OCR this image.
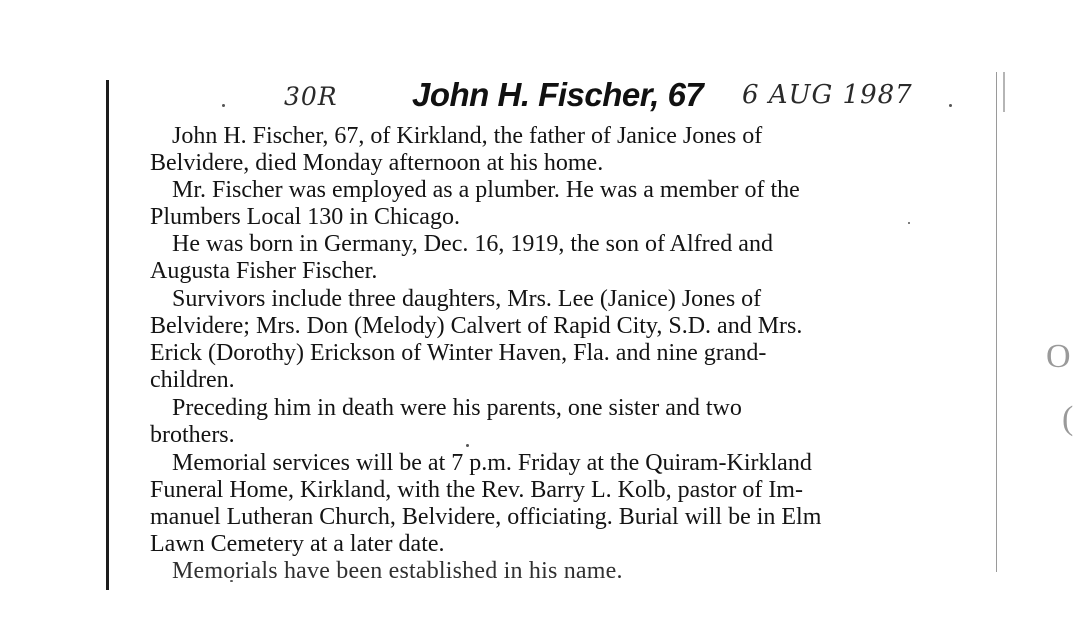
30R John H. Fischer, 67 6 AUG 1987
John H. Fischer, 67, of Kirkland, the father of Janice Jones of
Belvidere, died Monday afternoon at his home.
Mr. Fischer was employed as a plumber. He was a member of the
Plumbers Local 130 in Chicago.
He was born in Germany, Dec. 16, 1919, the son of Alfred and
Augusta Fisher Fischer.
Survivors include three daughters, Mrs. Lee (Janice) Jones of
Belvidere; Mrs. Don (Melody) Calvert of Rapid City, S.D. and Mrs.
Erick (Dorothy) Erickson of Winter Haven, Fla. and nine grand-
children.
Preceding him in death were his parents, one sister and two
brothers.
Memorial services will be at 7 p.m. Friday at the Quiram-Kirkland
Funeral Home, Kirkland, with the Rev. Barry L. Kolb, pastor of Im-
manuel Lutheran Church, Belvidere, officiating. Burial will be in Elm
Lawn Cemetery at a later date.
Memorials have been established in his name.
O
(
